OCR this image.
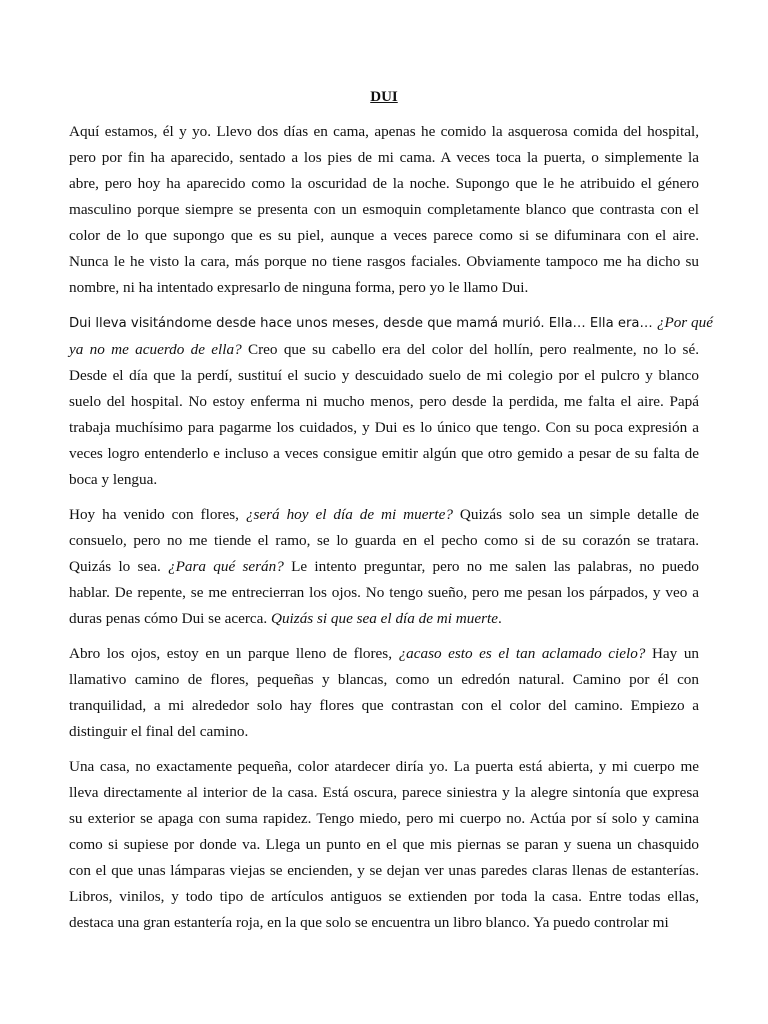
DUI

Aquí estamos, él y yo. Llevo dos días en cama, apenas he comido la asquerosa comida del hospital,
pero por fin ha aparecido, sentado a los pies de mi cama. A veces toca la puerta, o simplemente la
abre, pero hoy ha aparecido como la oscuridad de la noche. Supongo que le he atribuido el género
masculino porque siempre se presenta con un esmoquin completamente blanco que contrasta con el
color de lo que supongo que es su piel, aunque a veces parece como si se difuminara con el aire.
Nunca le he visto la cara, más porque no tiene rasgos faciales. Obviamente tampoco me ha dicho su
nombre, ni ha intentado expresarlo de ninguna forma, pero yo le llamo Dui.

Dui lleva visitándome desde hace unos meses, desde que mamá murió. Ella… Ella era… ¿Por qué
ya no me acuerdo de ella? Creo que su cabello era del color del hollín, pero realmente, no lo sé.
Desde el día que la perdí, sustituí el sucio y descuidado suelo de mi colegio por el pulcro y blanco
suelo del hospital. No estoy enferma ni mucho menos, pero desde la perdida, me falta el aire. Papá
trabaja muchísimo para pagarme los cuidados, y Dui es lo único que tengo. Con su poca expresión a
veces logro entenderlo e incluso a veces consigue emitir algún que otro gemido a pesar de su falta de
boca y lengua.

Hoy ha venido con flores, ¿será hoy el día de mi muerte? Quizás solo sea un simple detalle de
consuelo, pero no me tiende el ramo, se lo guarda en el pecho como si de su corazón se tratara.
Quizás lo sea. ¿Para qué serán? Le intento preguntar, pero no me salen las palabras, no puedo
hablar. De repente, se me entrecierran los ojos. No tengo sueño, pero me pesan los párpados, y veo a
duras penas cómo Dui se acerca. Quizás si que sea el día de mi muerte.

Abro los ojos, estoy en un parque lleno de flores, ¿acaso esto es el tan aclamado cielo? Hay un
llamativo camino de flores, pequeñas y blancas, como un edredón natural. Camino por él con
tranquilidad, a mi alrededor solo hay flores que contrastan con el color del camino. Empiezo a
distinguir el final del camino.

Una casa, no exactamente pequeña, color atardecer diría yo. La puerta está abierta, y mi cuerpo me
lleva directamente al interior de la casa. Está oscura, parece siniestra y la alegre sintonía que expresa
su exterior se apaga con suma rapidez. Tengo miedo, pero mi cuerpo no. Actúa por sí solo y camina
como si supiese por donde va. Llega un punto en el que mis piernas se paran y suena un chasquido
con el que unas lámparas viejas se encienden, y se dejan ver unas paredes claras llenas de estanterías.
Libros, vinilos, y todo tipo de artículos antiguos se extienden por toda la casa. Entre todas ellas,
destaca una gran estantería roja, en la que solo se encuentra un libro blanco. Ya puedo controlar mi
